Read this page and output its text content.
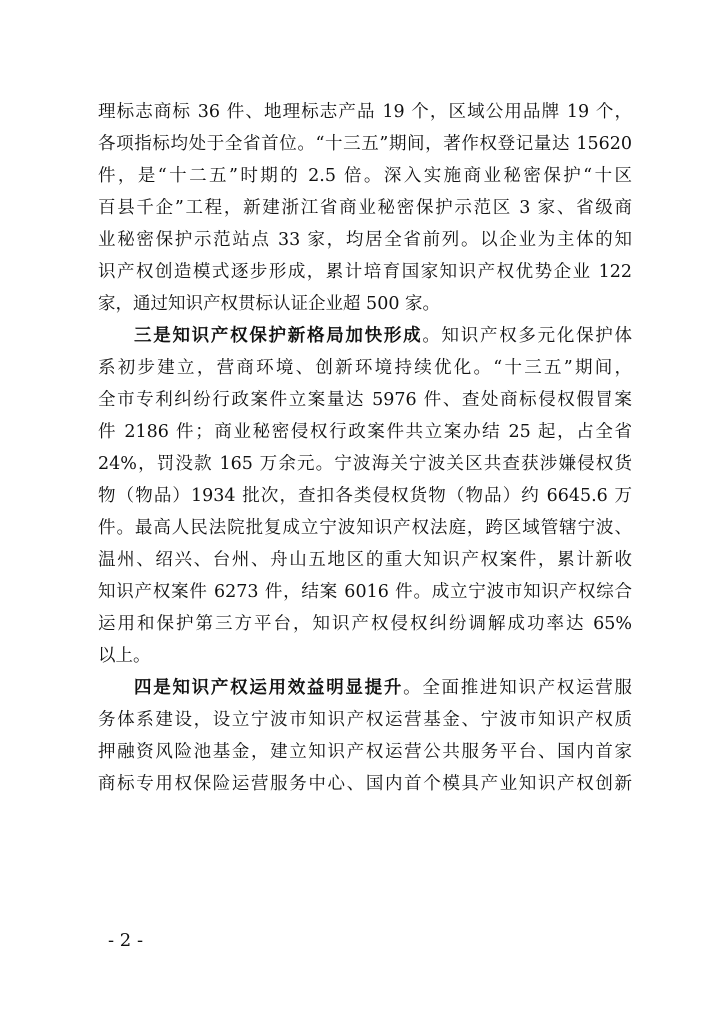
理标志商标 36 件、地理标志产品 19 个，区域公用品牌 19 个，
各项指标均处于全省首位。“十三五”期间，著作权登记量达 15620
件，是“十二五”时期的 2.5 倍。深入实施商业秘密保护“十区
百县千企”工程，新建浙江省商业秘密保护示范区 3 家、省级商
业秘密保护示范站点 33 家，均居全省前列。以企业为主体的知
识产权创造模式逐步形成，累计培育国家知识产权优势企业 122
家，通过知识产权贯标认证企业超 500 家。
三是知识产权保护新格局加快形成。知识产权多元化保护体
系初步建立，营商环境、创新环境持续优化。“十三五”期间，
全市专利纠纷行政案件立案量达 5976 件、查处商标侵权假冒案
件 2186 件；商业秘密侵权行政案件共立案办结 25 起，占全省
24%，罚没款 165 万余元。宁波海关宁波关区共查获涉嫌侵权货
物（物品）1934 批次，查扣各类侵权货物（物品）约 6645.6 万
件。最高人民法院批复成立宁波知识产权法庭，跨区域管辖宁波、
温州、绍兴、台州、舟山五地区的重大知识产权案件，累计新收
知识产权案件 6273 件，结案 6016 件。成立宁波市知识产权综合
运用和保护第三方平台，知识产权侵权纠纷调解成功率达 65%
以上。
四是知识产权运用效益明显提升。全面推进知识产权运营服
务体系建设，设立宁波市知识产权运营基金、宁波市知识产权质
押融资风险池基金，建立知识产权运营公共服务平台、国内首家
商标专用权保险运营服务中心、国内首个模具产业知识产权创新
- 2 -
